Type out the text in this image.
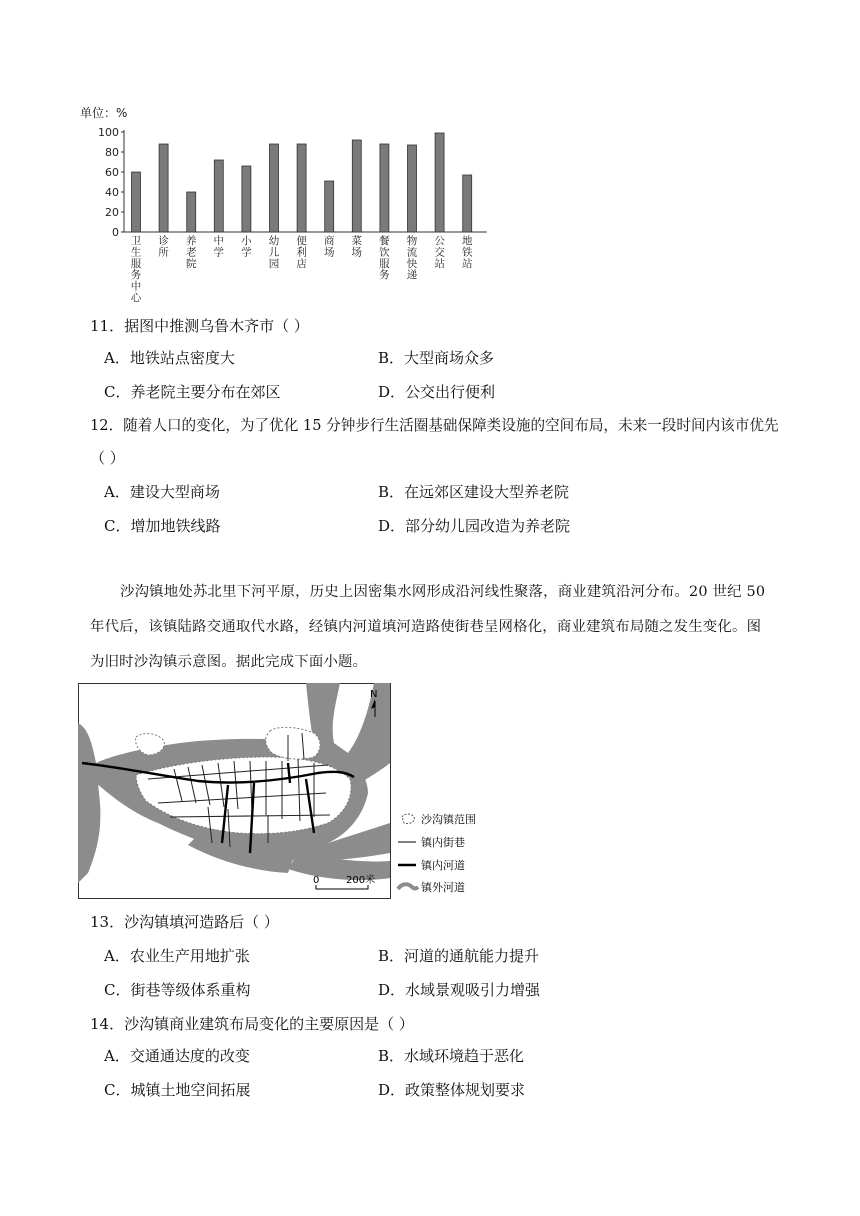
单位：%
0
20
40
60
80
100
卫生服务中心
诊所
养老院
中学
小学
幼儿园
便利店
商场
菜场
餐饮服务
物流快递
公交站
地铁站
11．据图中推测乌鲁木齐市（ ）
A．地铁站点密度大	B．大型商场众多
C．养老院主要分布在郊区	D．公交出行便利
12．随着人口的变化，为了优化 15 分钟步行生活圈基础保障类设施的空间布局，未来一段时间内该市优先
（ ）
A．建设大型商场	B．在远郊区建设大型养老院
C．增加地铁线路	D．部分幼儿园改造为养老院
沙沟镇地处苏北里下河平原，历史上因密集水网形成沿河线性聚落，商业建筑沿河分布。20 世纪 50
年代后，该镇陆路交通取代水路，经镇内河道填河造路使街巷呈网格化，商业建筑布局随之发生变化。图
为旧时沙沟镇示意图。据此完成下面小题。
N
0	200米
沙沟镇范围
镇内街巷
镇内河道
镇外河道
13．沙沟镇填河造路后（ ）
A．农业生产用地扩张	B．河道的通航能力提升
C．街巷等级体系重构	D．水域景观吸引力增强
14．沙沟镇商业建筑布局变化的主要原因是（ ）
A．交通通达度的改变	B．水域环境趋于恶化
C．城镇土地空间拓展	D．政策整体规划要求
